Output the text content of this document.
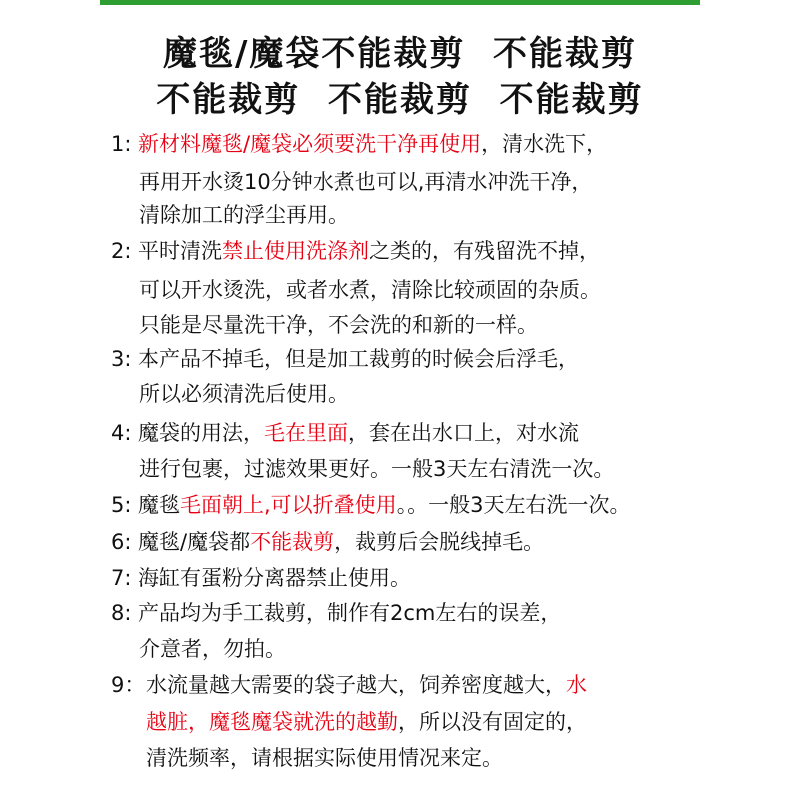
魔毯/魔袋不能裁剪  不能裁剪
不能裁剪  不能裁剪  不能裁剪
1: 新材料魔毯/魔袋必须要洗干净再使用，清水洗下，
再用开水烫10分钟水煮也可以,再清水冲洗干净，
清除加工的浮尘再用。
2: 平时清洗禁止使用洗涤剂之类的，有残留洗不掉，
可以开水烫洗，或者水煮，清除比较顽固的杂质。
只能是尽量洗干净，不会洗的和新的一样。
3: 本产品不掉毛，但是加工裁剪的时候会后浮毛，
所以必须清洗后使用。
4: 魔袋的用法，毛在里面，套在出水口上，对水流
进行包裹，过滤效果更好。一般3天左右清洗一次。
5: 魔毯毛面朝上,可以折叠使用。。一般3天左右洗一次。
6: 魔毯/魔袋都不能裁剪，裁剪后会脱线掉毛。
7: 海缸有蛋粉分离器禁止使用。
8: 产品均为手工裁剪，制作有2cm左右的误差，
介意者，勿拍。
9： 水流量越大需要的袋子越大，饲养密度越大，水
越脏，魔毯魔袋就洗的越勤，所以没有固定的，
清洗频率，请根据实际使用情况来定。
